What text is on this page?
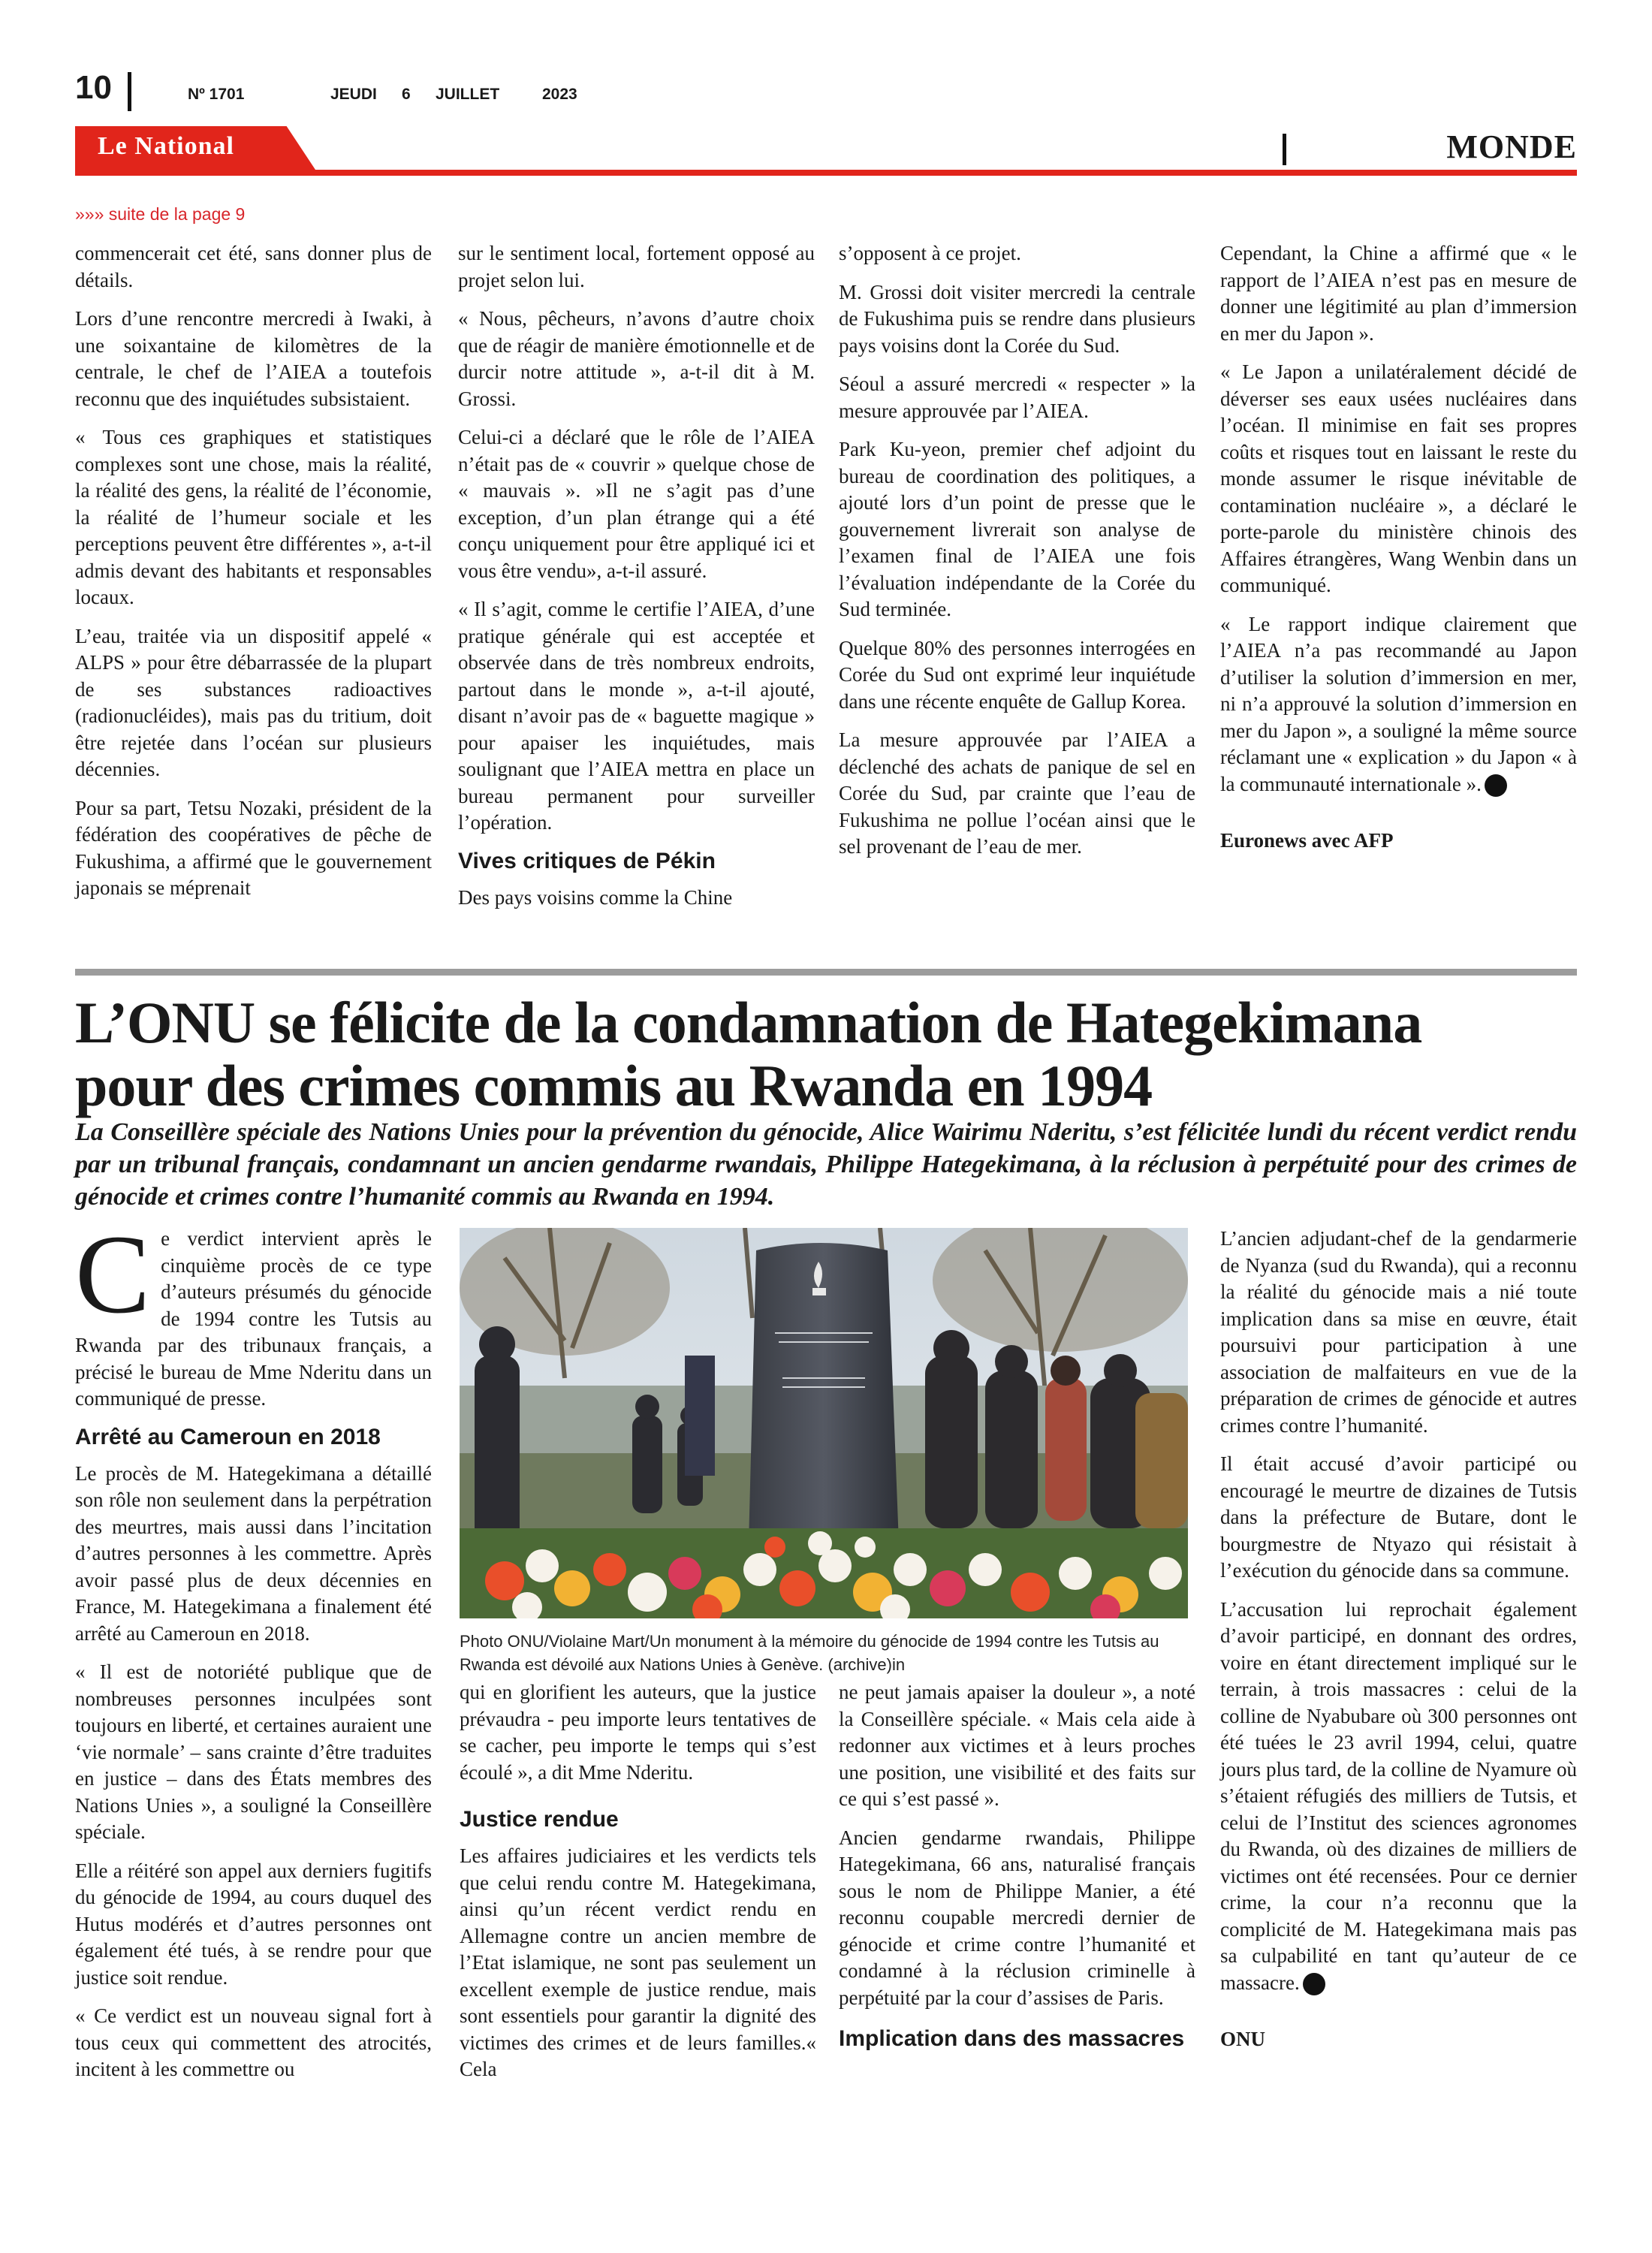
10	Nº 1701	JEUDI 6 JUILLET	2023
Le National	MONDE
»»» suite de la page 9

commencerait cet été, sans donner plus de détails.

Lors d’une rencontre mercredi à Iwaki, à une soixantaine de kilomètres de la centrale, le chef de l’AIEA a toutefois reconnu que des inquiétudes subsistaient.

« Tous ces graphiques et statistiques complexes sont une chose, mais la réalité, la réalité des gens, la réalité de l’économie, la réalité de l’humeur sociale et les perceptions peuvent être différentes », a-t-il admis devant des habitants et responsables locaux.

L’eau, traitée via un dispositif appelé « ALPS » pour être débarrassée de la plupart de ses substances radioactives (radionucléides), mais pas du tritium, doit être rejetée dans l’océan sur plusieurs décennies.

Pour sa part, Tetsu Nozaki, président de la fédération des coopératives de pêche de Fukushima, a affirmé que le gouvernement japonais se méprenait

sur le sentiment local, fortement opposé au projet selon lui.

« Nous, pêcheurs, n’avons d’autre choix que de réagir de manière émotionnelle et de durcir notre attitude », a-t-il dit à M. Grossi.

Celui-ci a déclaré que le rôle de l’AIEA n’était pas de « couvrir » quelque chose de « mauvais ». »Il ne s’agit pas d’une exception, d’un plan étrange qui a été conçu uniquement pour être appliqué ici et vous être vendu», a-t-il assuré.

« Il s’agit, comme le certifie l’AIEA, d’une pratique générale qui est acceptée et observée dans de très nombreux endroits, partout dans le monde », a-t-il ajouté, disant n’avoir pas de « baguette magique » pour apaiser les inquiétudes, mais soulignant que l’AIEA mettra en place un bureau permanent pour surveiller l’opération.

Vives critiques de Pékin

Des pays voisins comme la Chine

s’opposent à ce projet.

M. Grossi doit visiter mercredi la centrale de Fukushima puis se rendre dans plusieurs pays voisins dont la Corée du Sud.

Séoul a assuré mercredi « respecter » la mesure approuvée par l’AIEA.

Park Ku-yeon, premier chef adjoint du bureau de coordination des politiques, a ajouté lors d’un point de presse que le gouvernement livrerait son analyse de l’examen final de l’AIEA une fois l’évaluation indépendante de la Corée du Sud terminée.

Quelque 80% des personnes interrogées en Corée du Sud ont exprimé leur inquiétude dans une récente enquête de Gallup Korea.

La mesure approuvée par l’AIEA a déclenché des achats de panique de sel en Corée du Sud, par crainte que l’eau de Fukushima ne pollue l’océan ainsi que le sel provenant de l’eau de mer.

Cependant, la Chine a affirmé que « le rapport de l’AIEA n’est pas en mesure de donner une légitimité au plan d’immersion en mer du Japon ».

« Le Japon a unilatéralement décidé de déverser ses eaux usées nucléaires dans l’océan. Il minimise en fait ses propres coûts et risques tout en laissant le reste du monde assumer le risque inévitable de contamination nucléaire », a déclaré le porte-parole du ministère chinois des Affaires étrangères, Wang Wenbin dans un communiqué.

« Le rapport indique clairement que l’AIEA n’a pas recommandé au Japon d’utiliser la solution d’immersion en mer, ni n’a approuvé la solution d’immersion en mer du Japon », a souligné la même source réclamant une « explication » du Japon « à la communauté internationale ».

Euronews avec AFP

L’ONU se félicite de la condamnation de Hategekimana
pour des crimes commis au Rwanda en 1994
La Conseillère spéciale des Nations Unies pour la prévention du génocide, Alice Wairimu Nderitu, s’est félicitée lundi du récent verdict rendu par un tribunal français, condamnant un ancien gendarme rwandais, Philippe Hategekimana, à la réclusion à perpétuité pour des crimes de génocide et crimes contre l’humanité commis au Rwanda en 1994.

Ce verdict intervient après le cinquième procès de ce type d’auteurs présumés du génocide de 1994 contre les Tutsis au Rwanda par des tribunaux français, a précisé le bureau de Mme Nderitu dans un communiqué de presse.

Arrêté au Cameroun en 2018

Le procès de M. Hategekimana a détaillé son rôle non seulement dans la perpétration des meurtres, mais aussi dans l’incitation d’autres personnes à les commettre. Après avoir passé plus de deux décennies en France, M. Hategekimana a finalement été arrêté au Cameroun en 2018.

« Il est de notoriété publique que de nombreuses personnes inculpées sont toujours en liberté, et certaines auraient une ‘vie normale’ – sans crainte d’être traduites en justice – dans des États membres des Nations Unies », a souligné la Conseillère spéciale.

Elle a réitéré son appel aux derniers fugitifs du génocide de 1994, au cours duquel des Hutus modérés et d’autres personnes ont également été tués, à se rendre pour que justice soit rendue.

« Ce verdict est un nouveau signal fort à tous ceux qui commettent des atrocités, incitent à les commettre ou

Photo ONU/Violaine Mart/Un monument à la mémoire du génocide de 1994 contre les Tutsis au Rwanda est dévoilé aux Nations Unies à Genève. (archive)in

qui en glorifient les auteurs, que la justice prévaudra - peu importe leurs tentatives de se cacher, peu importe le temps qui s’est écoulé », a dit Mme Nderitu.

Justice rendue

Les affaires judiciaires et les verdicts tels que celui rendu contre M. Hategekimana, ainsi qu’un récent verdict rendu en Allemagne contre un ancien membre de l’Etat islamique, ne sont pas seulement un excellent exemple de justice rendue, mais sont essentiels pour garantir la dignité des victimes des crimes et de leurs familles.« Cela

ne peut jamais apaiser la douleur », a noté la Conseillère spéciale. « Mais cela aide à redonner aux victimes et à leurs proches une position, une visibilité et des faits sur ce qui s’est passé ».

Ancien gendarme rwandais, Philippe Hategekimana, 66 ans, naturalisé français sous le nom de Philippe Manier, a été reconnu coupable mercredi dernier de génocide et crime contre l’humanité et condamné à la réclusion criminelle à perpétuité par la cour d’assises de Paris.

Implication dans des massacres

L’ancien adjudant-chef de la gendarmerie de Nyanza (sud du Rwanda), qui a reconnu la réalité du génocide mais a nié toute implication dans sa mise en œuvre, était poursuivi pour participation à une association de malfaiteurs en vue de la préparation de crimes de génocide et autres crimes contre l’humanité.

Il était accusé d’avoir participé ou encouragé le meurtre de dizaines de Tutsis dans la préfecture de Butare, dont le bourgmestre de Ntyazo qui résistait à l’exécution du génocide dans sa commune.

L’accusation lui reprochait également d’avoir participé, en donnant des ordres, voire en étant directement impliqué sur le terrain, à trois massacres : celui de la colline de Nyabubare où 300 personnes ont été tuées le 23 avril 1994, celui, quatre jours plus tard, de la colline de Nyamure où s’étaient réfugiés des milliers de Tutsis, et celui de l’Institut des sciences agronomes du Rwanda, où des dizaines de milliers de victimes ont été recensées. Pour ce dernier crime, la cour n’a reconnu que la complicité de M. Hategekimana mais pas sa culpabilité en tant qu’auteur de ce massacre.

ONU
